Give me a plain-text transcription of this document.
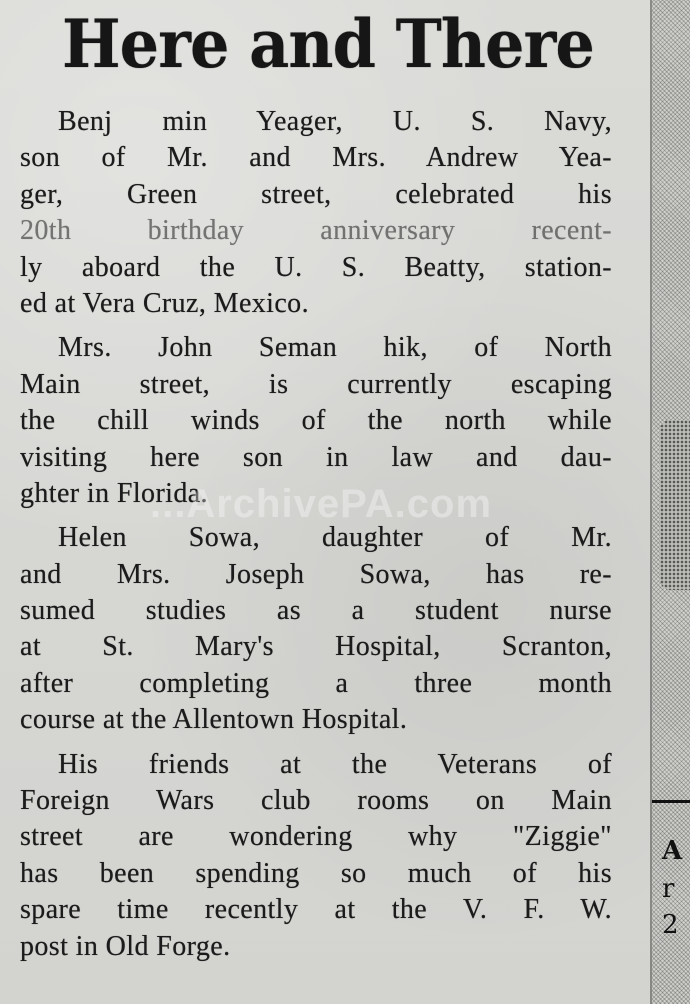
Here and There
Benj min Yeager, U. S. Navy,
son of Mr. and Mrs. Andrew Yea-
ger, Green street, celebrated his
20th birthday anniversary recent-
ly aboard the U. S. Beatty, station-
ed at Vera Cruz, Mexico.
Mrs. John Seman hik, of North
Main street, is currently escaping
the chill winds of the north while
visiting here son in law and dau-
ghter in Florida.
Helen Sowa, daughter of Mr.
and Mrs. Joseph Sowa, has re-
sumed studies as a student nurse
at St. Mary's Hospital, Scranton,
after completing a three month
course at the Allentown Hospital.
His friends at the Veterans of
Foreign Wars club rooms on Main
street are wondering why "Ziggie"
has been spending so much of his
spare time recently at the V. F. W.
post in Old Forge.
...ArchivePA.com
A
r
2
